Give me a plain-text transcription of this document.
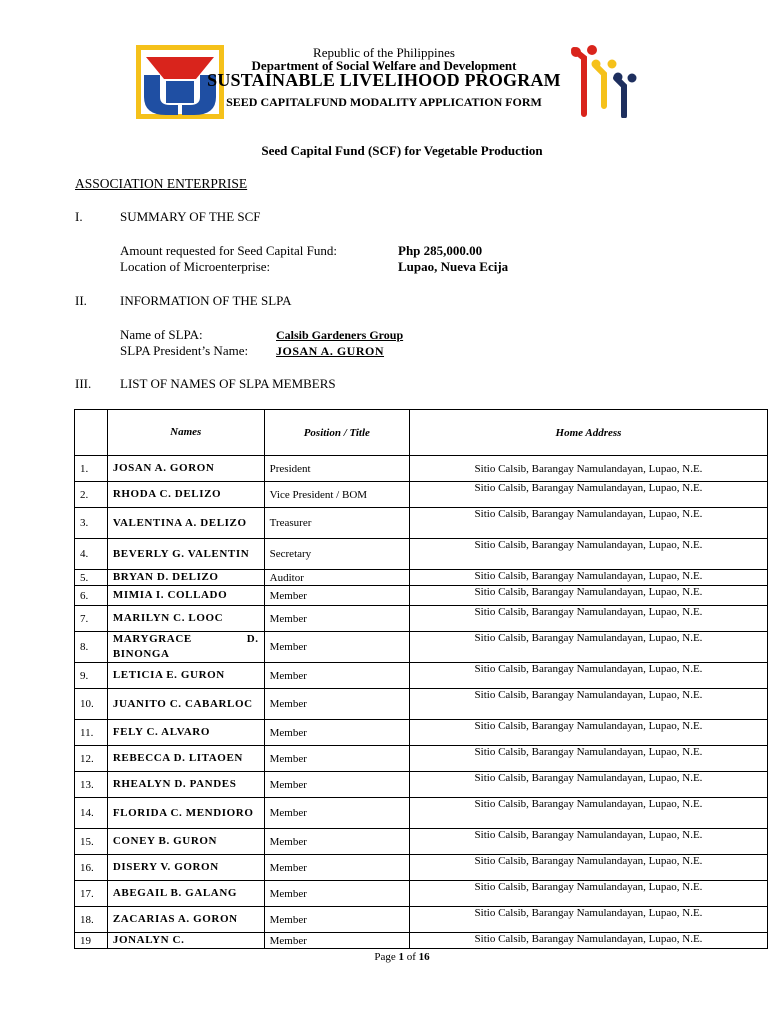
Republic of the Philippines
Department of Social Welfare and Development
SUSTAINABLE LIVELIHOOD PROGRAM
SEED CAPITALFUND MODALITY APPLICATION FORM
Seed Capital Fund (SCF) for Vegetable Production
ASSOCIATION ENTERPRISE
I.	SUMMARY OF THE SCF
Amount requested for Seed Capital Fund:	Php 285,000.00
Location of Microenterprise:	Lupao, Nueva Ecija
II.	INFORMATION OF THE SLPA
Name of SLPA:	Calsib Gardeners Group
SLPA President’s Name: JOSAN A. GURON
III. LIST OF NAMES OF SLPA MEMBERS
	Names	Position / Title	Home Address
1.	JOSAN A. GORON	President	Sitio Calsib, Barangay Namulandayan, Lupao, N.E.
2.	RHODA C. DELIZO	Vice President / BOM	Sitio Calsib, Barangay Namulandayan, Lupao, N.E.
3.	VALENTINA A. DELIZO	Treasurer	Sitio Calsib, Barangay Namulandayan, Lupao, N.E.
4.	BEVERLY G. VALENTIN	Secretary	Sitio Calsib, Barangay Namulandayan, Lupao, N.E.
5.	BRYAN D. DELIZO	Auditor	Sitio Calsib, Barangay Namulandayan, Lupao, N.E.
6.	MIMIA I. COLLADO	Member	Sitio Calsib, Barangay Namulandayan, Lupao, N.E.
7.	MARILYN C. LOOC	Member	Sitio Calsib, Barangay Namulandayan, Lupao, N.E.
8.	MARYGRACE D. BINONGA	Member	Sitio Calsib, Barangay Namulandayan, Lupao, N.E.
9.	LETICIA E. GURON	Member	Sitio Calsib, Barangay Namulandayan, Lupao, N.E.
10.	JUANITO C. CABARLOC	Member	Sitio Calsib, Barangay Namulandayan, Lupao, N.E.
11.	FELY C. ALVARO	Member	Sitio Calsib, Barangay Namulandayan, Lupao, N.E.
12.	REBECCA D. LITAOEN	Member	Sitio Calsib, Barangay Namulandayan, Lupao, N.E.
13.	RHEALYN D. PANDES	Member	Sitio Calsib, Barangay Namulandayan, Lupao, N.E.
14.	FLORIDA C. MENDIORO	Member	Sitio Calsib, Barangay Namulandayan, Lupao, N.E.
15.	CONEY B. GURON	Member	Sitio Calsib, Barangay Namulandayan, Lupao, N.E.
16.	DISERY V. GORON	Member	Sitio Calsib, Barangay Namulandayan, Lupao, N.E.
17.	ABEGAIL B. GALANG	Member	Sitio Calsib, Barangay Namulandayan, Lupao, N.E.
18.	ZACARIAS A. GORON	Member	Sitio Calsib, Barangay Namulandayan, Lupao, N.E.
19	JONALYN C.	Member	Sitio Calsib, Barangay Namulandayan, Lupao, N.E.
Page 1 of 16
